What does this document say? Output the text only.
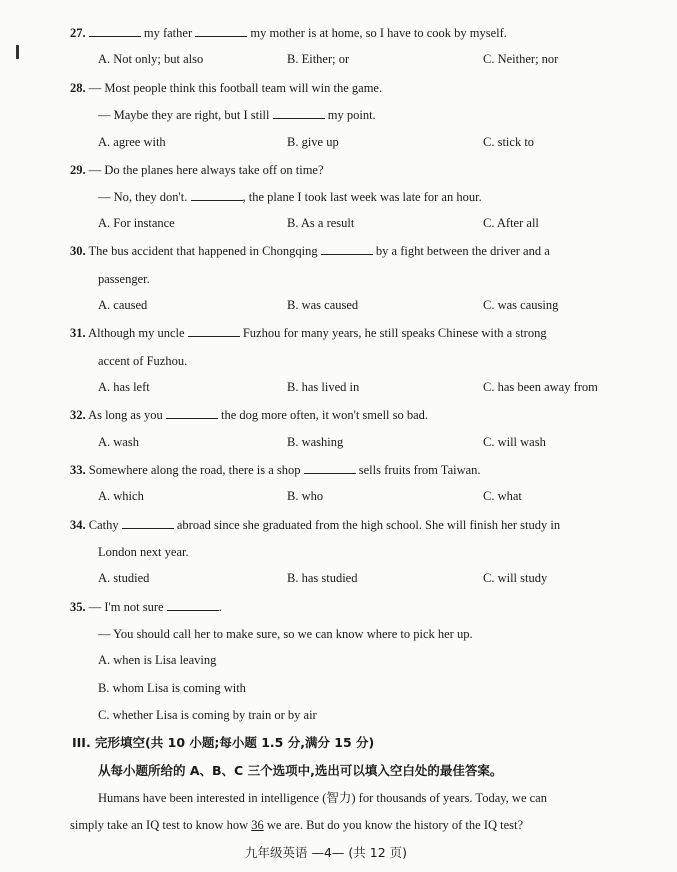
27.	my father	my mother is at home, so I have to cook by myself.
A. Not only; but also	B. Either; or	C. Neither; nor
28. — Most people think this football team will win the game.
— Maybe they are right, but I still	my point.
A. agree with	B. give up	C. stick to
29. — Do the planes here always take off on time?
— No, they don't.	, the plane I took last week was late for an hour.
A. For instance	B. As a result	C. After all
30. The bus accident that happened in Chongqing	by a fight between the driver and a
passenger.
A. caused	B. was caused	C. was causing
31. Although my uncle	Fuzhou for many years, he still speaks Chinese with a strong
accent of Fuzhou.
A. has left	B. has lived in	C. has been away from
32. As long as you	the dog more often, it won't smell so bad.
A. wash	B. washing	C. will wash
33. Somewhere along the road, there is a shop	sells fruits from Taiwan.
A. which	B. who	C. what
34. Cathy	abroad since she graduated from the high school. She will finish her study in
London next year.
A. studied	B. has studied	C. will study
35. — I'm not sure	.
— You should call her to make sure, so we can know where to pick her up.
A. when is Lisa leaving
B. whom Lisa is coming with
C. whether Lisa is coming by train or by air
III. 完形填空(共 10 小题;每小题 1.5 分,满分 15 分)
从每小题所给的 A、B、C 三个选项中,选出可以填入空白处的最佳答案。
Humans have been interested in intelligence (智力) for thousands of years. Today, we can
simply take an IQ test to know how 36 we are. But do you know the history of the IQ test?
九年级英语 —4— (共 12 页)
